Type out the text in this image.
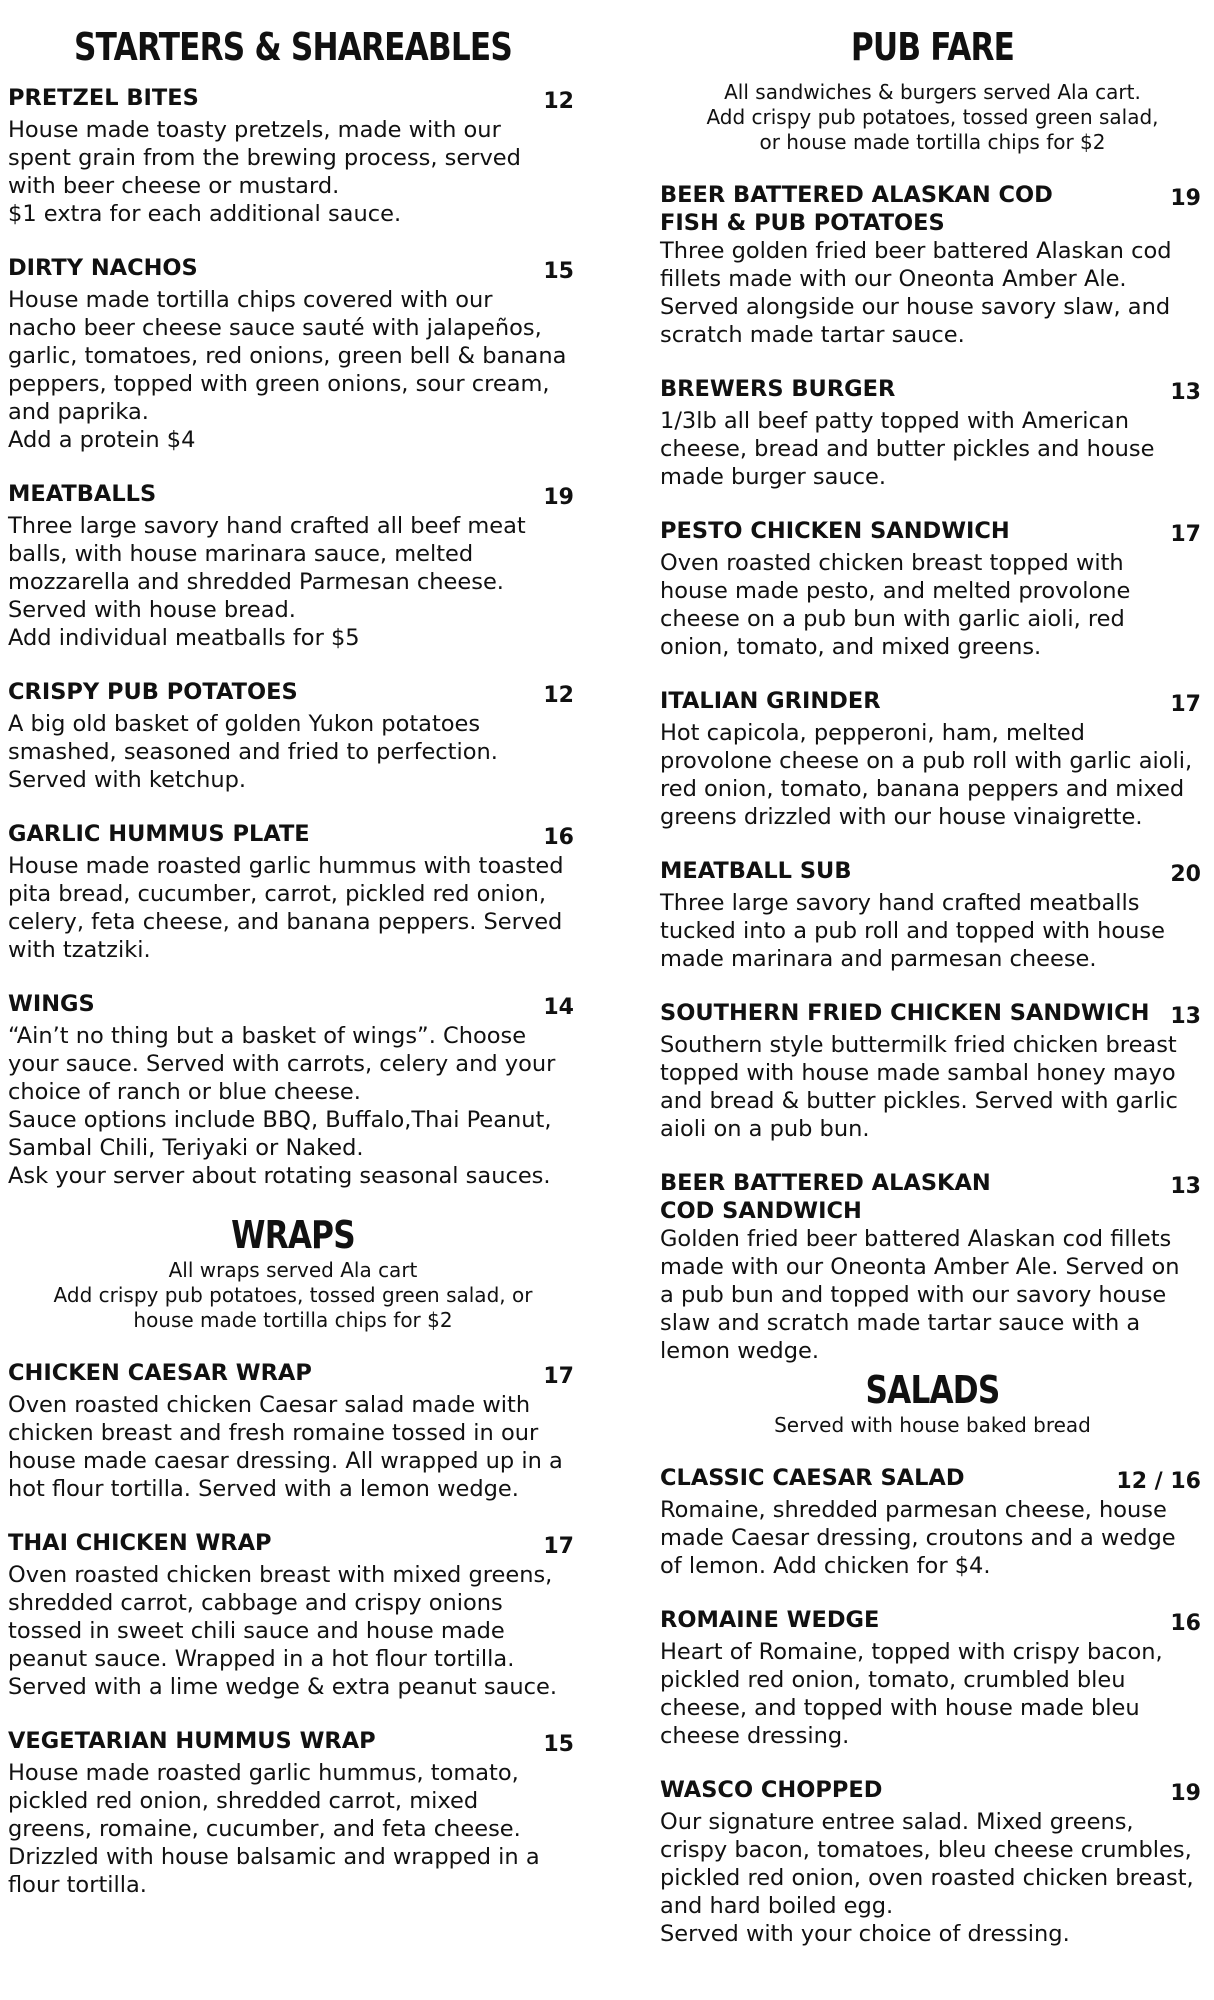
STARTERS & SHAREABLES
PRETZEL BITES	12
House made toasty pretzels, made with our
spent grain from the brewing process, served
with beer cheese or mustard.
$1 extra for each additional sauce.
DIRTY NACHOS	15
House made tortilla chips covered with our
nacho beer cheese sauce sauté with jalapeños,
garlic, tomatoes, red onions, green bell & banana
peppers, topped with green onions, sour cream,
and paprika.
Add a protein $4
MEATBALLS	19
Three large savory hand crafted all beef meat
balls, with house marinara sauce, melted
mozzarella and shredded Parmesan cheese.
Served with house bread.
Add individual meatballs for $5
CRISPY PUB POTATOES	12
A big old basket of golden Yukon potatoes
smashed, seasoned and fried to perfection.
Served with ketchup.
GARLIC HUMMUS PLATE	16
House made roasted garlic hummus with toasted
pita bread, cucumber, carrot, pickled red onion,
celery, feta cheese, and banana peppers. Served
with tzatziki.
WINGS	14
“Ain’t no thing but a basket of wings”. Choose
your sauce. Served with carrots, celery and your
choice of ranch or blue cheese.
Sauce options include BBQ, Buffalo,Thai Peanut,
Sambal Chili, Teriyaki or Naked.
Ask your server about rotating seasonal sauces.
WRAPS
All wraps served Ala cart
Add crispy pub potatoes, tossed green salad, or
house made tortilla chips for $2
CHICKEN CAESAR WRAP	17
Oven roasted chicken Caesar salad made with
chicken breast and fresh romaine tossed in our
house made caesar dressing. All wrapped up in a
hot flour tortilla. Served with a lemon wedge.
THAI CHICKEN WRAP	17
Oven roasted chicken breast with mixed greens,
shredded carrot, cabbage and crispy onions
tossed in sweet chili sauce and house made
peanut sauce. Wrapped in a hot flour tortilla.
Served with a lime wedge & extra peanut sauce.
VEGETARIAN HUMMUS WRAP	15
House made roasted garlic hummus, tomato,
pickled red onion, shredded carrot, mixed
greens, romaine, cucumber, and feta cheese.
Drizzled with house balsamic and wrapped in a
flour tortilla.
PUB FARE
All sandwiches & burgers served Ala cart.
Add crispy pub potatoes, tossed green salad,
or house made tortilla chips for $2
BEER BATTERED ALASKAN COD
FISH & PUB POTATOES
19
Three golden fried beer battered Alaskan cod
fillets made with our Oneonta Amber Ale.
Served alongside our house savory slaw, and
scratch made tartar sauce.
BREWERS BURGER	13
1/3lb all beef patty topped with American
cheese, bread and butter pickles and house
made burger sauce.
PESTO CHICKEN SANDWICH	17
Oven roasted chicken breast topped with
house made pesto, and melted provolone
cheese on a pub bun with garlic aioli, red
onion, tomato, and mixed greens.
ITALIAN GRINDER	17
Hot capicola, pepperoni, ham, melted
provolone cheese on a pub roll with garlic aioli,
red onion, tomato, banana peppers and mixed
greens drizzled with our house vinaigrette.
MEATBALL SUB	20
Three large savory hand crafted meatballs
tucked into a pub roll and topped with house
made marinara and parmesan cheese.
SOUTHERN FRIED CHICKEN SANDWICH 13
Southern style buttermilk fried chicken breast
topped with house made sambal honey mayo
and bread & butter pickles. Served with garlic
aioli on a pub bun.
BEER BATTERED ALASKAN
COD SANDWICH
13
Golden fried beer battered Alaskan cod fillets
made with our Oneonta Amber Ale. Served on
a pub bun and topped with our savory house
slaw and scratch made tartar sauce with a
lemon wedge.
SALADS
Served with house baked bread
CLASSIC CAESAR SALAD	12 / 16
Romaine, shredded parmesan cheese, house
made Caesar dressing, croutons and a wedge
of lemon. Add chicken for $4.
ROMAINE WEDGE	16
Heart of Romaine, topped with crispy bacon,
pickled red onion, tomato, crumbled bleu
cheese, and topped with house made bleu
cheese dressing.
WASCO CHOPPED	19
Our signature entree salad. Mixed greens,
crispy bacon, tomatoes, bleu cheese crumbles,
pickled red onion, oven roasted chicken breast,
and hard boiled egg.
Served with your choice of dressing.
